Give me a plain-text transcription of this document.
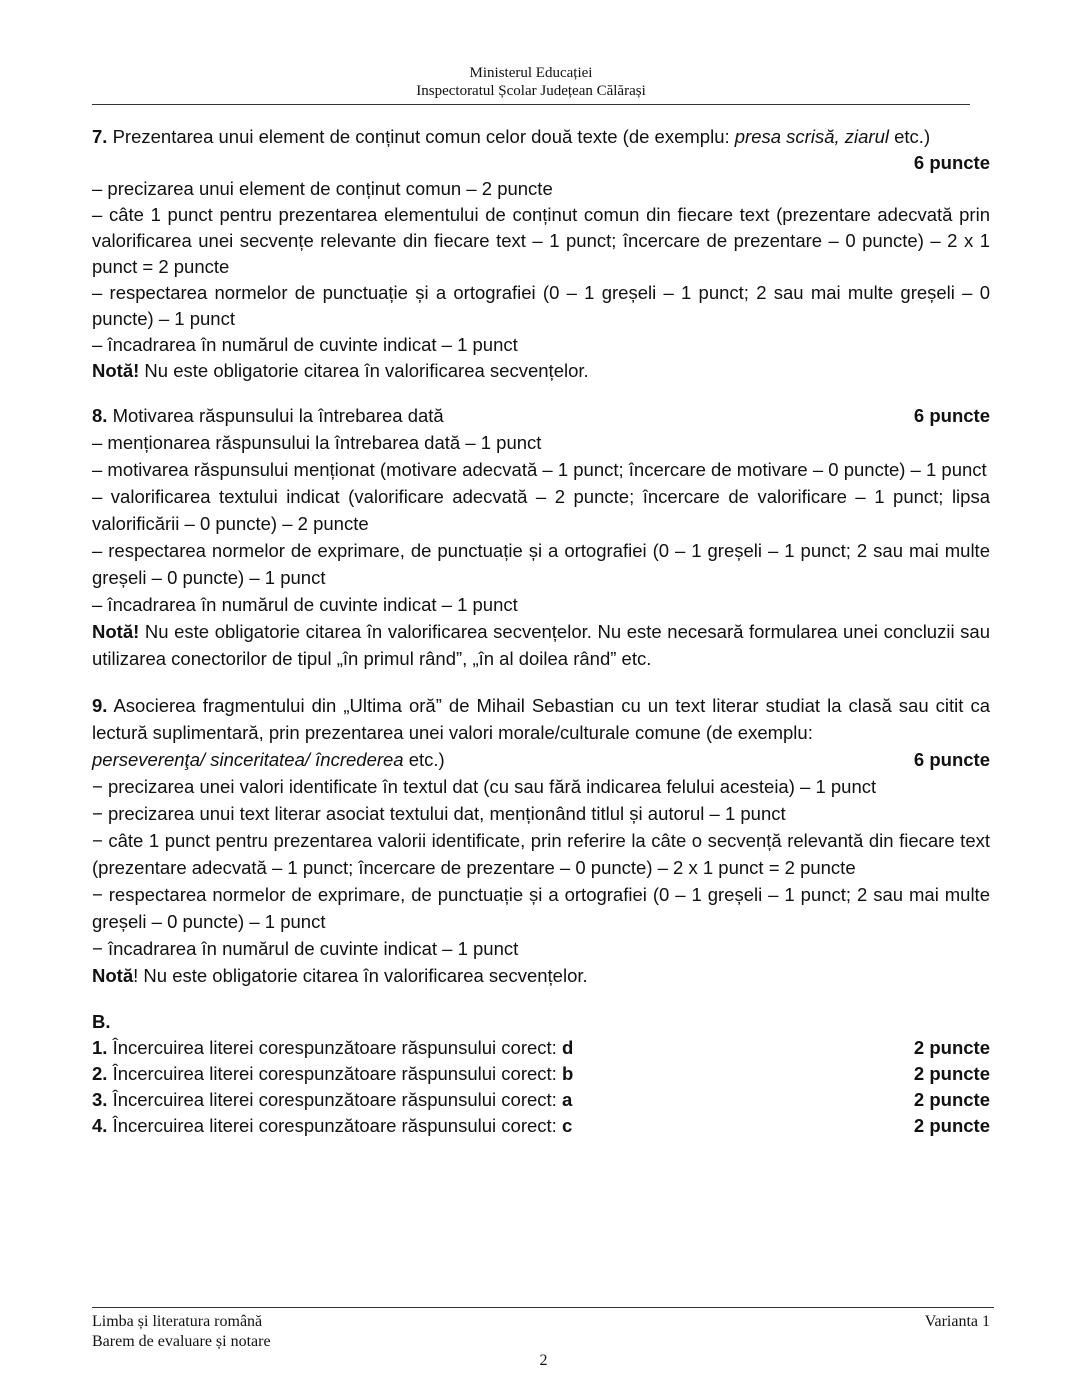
Ministerul Educației
Inspectoratul Școlar Județean Călărași

7. Prezentarea unui element de conținut comun celor două texte (de exemplu: presa scrisă, ziarul etc.)

6 puncte

– precizarea unui element de conținut comun – 2 puncte

– câte 1 punct pentru prezentarea elementului de conținut comun din fiecare text (prezentare adecvată prin valorificarea unei secvențe relevante din fiecare text – 1 punct; încercare de prezentare – 0 puncte) – 2 x 1 punct = 2 puncte

– respectarea normelor de punctuație și a ortografiei (0 – 1 greșeli – 1 punct; 2 sau mai multe greșeli – 0 puncte) – 1 punct

– încadrarea în numărul de cuvinte indicat – 1 punct

Notă! Nu este obligatorie citarea în valorificarea secvențelor.

8. Motivarea răspunsului la întrebarea dată	6 puncte

– menționarea răspunsului la întrebarea dată – 1 punct

– motivarea răspunsului menționat (motivare adecvată – 1 punct; încercare de motivare – 0 puncte) – 1 punct

– valorificarea textului indicat (valorificare adecvată – 2 puncte; încercare de valorificare – 1 punct; lipsa valorificării – 0 puncte) – 2 puncte

– respectarea normelor de exprimare, de punctuație și a ortografiei (0 – 1 greșeli – 1 punct; 2 sau mai multe greșeli – 0 puncte) – 1 punct

– încadrarea în numărul de cuvinte indicat – 1 punct

Notă! Nu este obligatorie citarea în valorificarea secvențelor. Nu este necesară formularea unei concluzii sau utilizarea conectorilor de tipul „în primul rând”, „în al doilea rând” etc.

9. Asocierea fragmentului din „Ultima oră” de Mihail Sebastian cu un text literar studiat la clasă sau citit ca lectură suplimentară, prin prezentarea unei valori morale/culturale comune (de exemplu:

perseverenţa/ sinceritatea/ încrederea etc.)	6 puncte

− precizarea unei valori identificate în textul dat (cu sau fără indicarea felului acesteia) – 1 punct

− precizarea unui text literar asociat textului dat, menționând titlul și autorul – 1 punct

− câte 1 punct pentru prezentarea valorii identificate, prin referire la câte o secvență relevantă din fiecare text (prezentare adecvată – 1 punct; încercare de prezentare – 0 puncte) – 2 x 1 punct = 2 puncte

− respectarea normelor de exprimare, de punctuație și a ortografiei (0 – 1 greșeli – 1 punct; 2 sau mai multe greșeli – 0 puncte) – 1 punct

− încadrarea în numărul de cuvinte indicat – 1 punct

Notă! Nu este obligatorie citarea în valorificarea secvențelor.

B.

1. Încercuirea literei corespunzătoare răspunsului corect: d	2 puncte
2. Încercuirea literei corespunzătoare răspunsului corect: b	2 puncte
3. Încercuirea literei corespunzătoare răspunsului corect: a	2 puncte
4. Încercuirea literei corespunzătoare răspunsului corect: c	2 puncte
Limba și literatura română
Barem de evaluare și notare
Varianta 1
2
